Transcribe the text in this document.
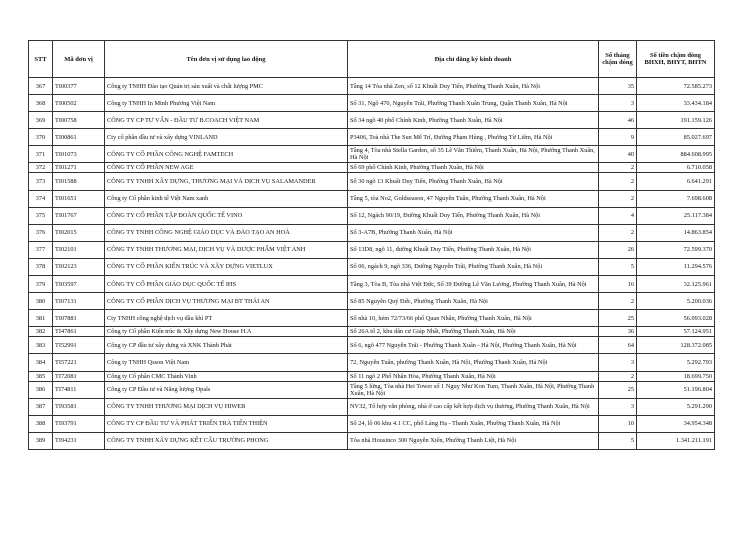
STT	Mã đơn vị	Tên đơn vị sử dụng lao động	Địa chỉ đăng ký kinh doanh	Số tháng chậm đóng	Số tiền chậm đóng BHXH, BHYT, BHTN
367	TI00377	Công ty TNHH Đào tạo Quản trị sản xuất và chất lượng PMC	Tầng 14 Tòa nhà Zen, số 12 Khuất Duy Tiến, Phường Thanh Xuân, Hà Nội	35	72.585.273
368	TI00502	Công ty TNHH In Minh Phương Việt Nam	Số 31, Ngõ 470, Nguyễn Trãi, Phường Thanh Xuân Trung, Quận Thanh Xuân, Hà Nội	3	33.434.184
369	TI00758	CÔNG TY CP TƯ VẤN - ĐẦU TƯ B.COACH VIỆT NAM	Số 34 ngõ 40 phố Chính Kinh, Phường Thanh Xuân, Hà Nội	46	191.159.126
370	TI00861	Cty cổ phần đầu tư và xây dựng VINLAND	P3406, Toà nhà The Sun Mễ Trì, Đường Phạm Hùng , Phường Từ Liêm, Hà Nội	9	85.027.697
371	TI01073	CÔNG TY CỔ PHẦN CÔNG NGHỆ FAMTECH	Tầng 4, Tòa nhà Stella Garden, số 35 Lê Văn Thiêm, Thanh Xuân, Hà Nội, Phường Thanh Xuân, Hà Nội	40	884.608.995
372	TI01271	CÔNG TY CỔ PHẦN NEW AGE	Số 69 phố Chính Kinh, Phường Thanh Xuân, Hà Nội	2	6.710.058
373	TI01588	CÔNG TY TNHH XÂY DỰNG, THƯƠNG MẠI VÀ DỊCH VỤ SALAMANDER	Số 30 ngõ 13 Khuất Duy Tiến, Phường Thanh Xuân, Hà Nội	2	6.641.291
374	TI01651	Công ty Cổ phần kinh tế Việt Nam xanh	Tầng 5, tòa No2, Goldseason, 47 Nguyễn Tuân, Phường Thanh Xuân, Hà Nội	2	7.698.608
375	TI01767	CÔNG TY CỔ PHẦN TẬP ĐOÀN QUỐC TẾ VINO	Số 12, Ngách 90/19, Đường Khuất Duy Tiến, Phường Thanh Xuân, Hà Nội	4	25.117.384
376	TI02015	CÔNG TY TNHH CÔNG NGHỆ GIÁO DỤC VÀ ĐÀO TẠO AN HOÀ	Số 3-A7B, Phường Thanh Xuân, Hà Nội	2	14.863.854
377	TI02101	CÔNG TY TNHH THƯƠNG MẠI, DỊCH VỤ VÀ DƯỢC PHẨM VIỆT ANH	Số 13D8, ngõ 11, đường Khuất Duy Tiến, Phường Thanh Xuân, Hà Nội	26	72.599.370
378	TI02123	CÔNG TY CỔ PHẦN KIẾN TRÚC VÀ XÂY DỰNG VIETLUX	Số 06, ngách 9, ngõ 336, Đường Nguyễn Trãi, Phường Thanh Xuân, Hà Nội	5	11.294.576
379	TI03597	CÔNG TY CỔ PHẦN GIÁO DỤC QUỐC TẾ IHS	Tầng 3, Tòa B, Tòa nhà Việt Đức, Số 39 Đường Lê Văn Lương, Phường Thanh Xuân, Hà Nội	16	32.125.961
380	TI07131	CÔNG TY CỔ PHẦN DỊCH VỤ THƯƠNG MẠI BT THÁI AN	Số 85 Nguyễn Quý Đức, Phường Thanh Xuân, Hà Nội	2	5.200.036
381	TI07881	Cty TNHH công nghệ dịch vụ dầu khí PT	Số nhà 10, hẻm 72/73/66 phố Quan Nhân, Phường Thanh Xuân, Hà Nội	25	56.093.028
382	TI47861	Công ty Cổ phần Kiến trúc & Xây dựng New House H.A	Số 26A tổ 2, khu dân cư Giáp Nhất, Phường Thanh Xuân, Hà Nội	36	57.124.951
383	TI52991	Công ty CP đầu tư xây dựng và XNK Thành Phát	Số 6, ngõ 477 Nguyễn Trãi - Phường Thanh Xuân - Hà Nội, Phường Thanh Xuân, Hà Nội	64	128.372.085
384	TI57221	Công ty TNHH Qsson Việt Nam	72, Nguyễn Tuân, phường Thanh Xuân, Hà Nội, Phường Thanh Xuân, Hà Nội	3	5.292.793
385	TI72081	Công ty Cổ phần CMC Thành Vinh	Số 11 ngõ 2 Phố Nhân Hòa, Phường Thanh Xuân, Hà Nội	2	18.699.750
386	TI74811	Công ty CP Đầu tư và Năng lượng Opals	Tầng 5 lửng, Tòa nhà Hei Tower số 1 Nguỵ Như Kon Tum, Thanh Xuân, Hà Nội, Phường Thanh Xuân, Hà Nội	25	51.196.804
387	TI93581	CÔNG TY TNHH THƯƠNG MẠI DỊCH VỤ HIWEB	NV32, Tổ hợp văn phòng, nhà ở cao cấp kết hợp dịch vụ thương, Phường Thanh Xuân, Hà Nội	3	5.291.290
388	TI93791	CÔNG TY CP ĐẦU TƯ VÀ PHÁT TRIỂN TRÀ TIẾN THIỆN	Số 24, lô 06 khu 4.1 CC, phố Láng Hạ - Thanh Xuân, Phường Thanh Xuân, Hà Nội	10	34.954.348
389	TI94231	CÔNG TY TNHH XÂY DỰNG KẾT CẤU TRƯỜNG PHONG	Tòa nhà Housinco 300 Nguyễn Xiển, Phường Thanh Liệt, Hà Nội	5	1.341.211.191
